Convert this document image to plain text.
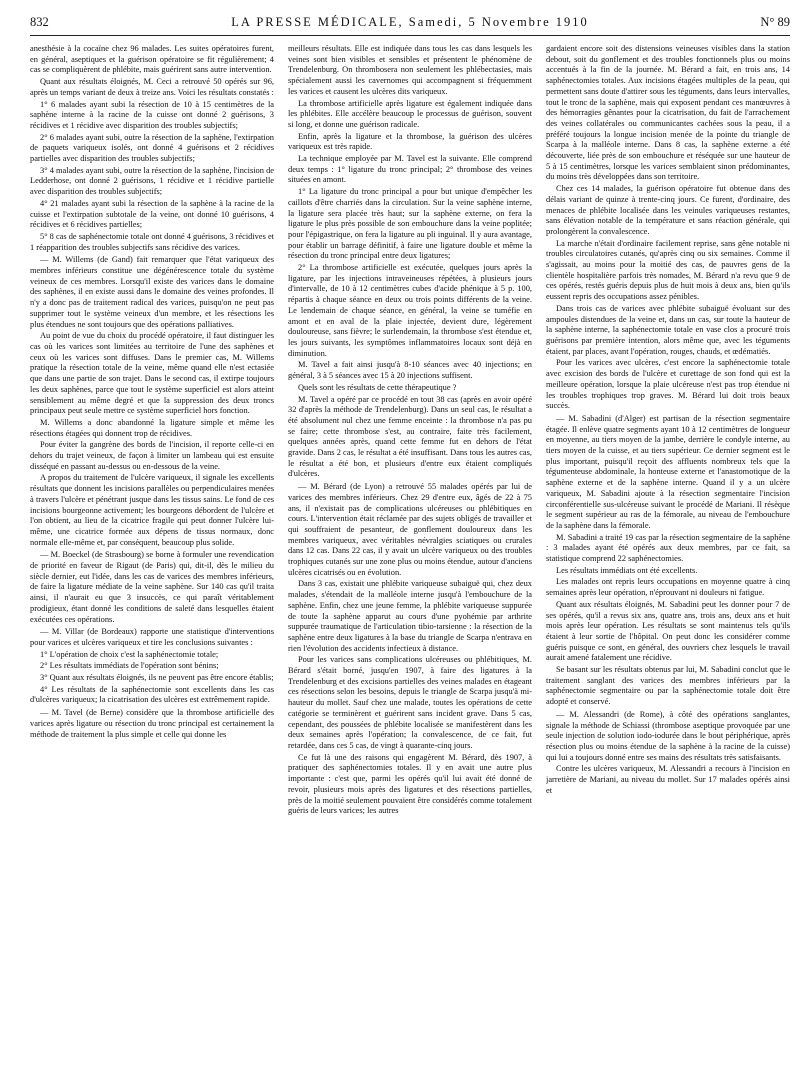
832	LA PRESSE MÉDICALE, Samedi, 5 Novembre 1910	N° 89

anesthésie à la cocaïne chez 96 malades. Les suites opératoires furent, en général, aseptiques et la guérison opératoire se fit régulièrement; 4 cas se compliquèrent de phlébite, mais guérirent sans autre intervention.

Quant aux résultats éloignés, M. Ceci a retrouvé 50 opérés sur 96, après un temps variant de deux à treize ans. Voici les résultats constatés :

1° 6 malades ayant subi la résection de 10 à 15 centimètres de la saphène interne à la racine de la cuisse ont donné 2 guérisons, 3 récidives et 1 récidive avec disparition des troubles subjectifs;

2° 6 malades ayant subi, outre la résection de la saphène, l'extirpation de paquets variqueux isolés, ont donné 4 guérisons et 2 récidives partielles avec disparition des troubles subjectifs;

3° 4 malades ayant subi, outre la résection de la saphène, l'incision de Ledderhose, ont donné 2 guérisons, 1 récidive et 1 récidive partielle avec disparition des troubles subjectifs;

4° 21 malades ayant subi la résection de la saphène à la racine de la cuisse et l'extirpation subtotale de la veine, ont donné 10 guérisons, 4 récidives et 6 récidives partielles;

5° 8 cas de saphénectomie totale ont donné 4 guérisons, 3 récidives et 1 réapparition des troubles subjectifs sans récidive des varices.

— M. Willems (de Gand) fait remarquer que l'état variqueux des membres inférieurs constitue une dégénérescence totale du système veineux de ces membres. Lorsqu'il existe des varices dans le domaine des saphènes, il en existe aussi dans le domaine des veines profondes. Il n'y a donc pas de traitement radical des varices, puisqu'on ne peut pas supprimer tout le système veineux d'un membre, et les résections les plus étendues ne sont toujours que des opérations palliatives.

Au point de vue du choix du procédé opératoire, il faut distinguer les cas où les varices sont limitées au territoire de l'une des saphènes et ceux où les varices sont diffuses. Dans le premier cas, M. Willems pratique la résection totale de la veine, même quand elle n'est ectasiée que dans une partie de son trajet. Dans le second cas, il extirpe toujours les deux saphènes, parce que tout le système superficiel est alors atteint sensiblement au même degré et que la suppression des deux troncs principaux peut seule mettre ce système superficiel hors fonction.

M. Willems a donc abandonné la ligature simple et même les résections étagées qui donnent trop de récidives.

Pour éviter la gangrène des bords de l'incision, il reporte celle-ci en dehors du trajet veineux, de façon à limiter un lambeau qui est ensuite disséqué en passant au-dessus ou en-dessous de la veine.

A propos du traitement de l'ulcère variqueux, il signale les excellents résultats que donnent les incisions parallèles ou perpendiculaires menées à travers l'ulcère et pénétrant jusque dans les tissus sains. Le fond de ces incisions bourgeonne activement; les bourgeons débordent de l'ulcère et l'on obtient, au lieu de la cicatrice fragile qui peut donner l'ulcère lui-même, une cicatrice formée aux dépens de tissus normaux, donc normale elle-même et, par conséquent, beaucoup plus solide.

— M. Boeckel (de Strasbourg) se borne à formuler une revendication de priorité en faveur de Rigaut (de Paris) qui, dit-il, dès le milieu du siècle dernier, eut l'idée, dans les cas de varices des membres inférieurs, de faire la ligature médiate de la veine saphène. Sur 140 cas qu'il traita ainsi, il n'aurait eu que 3 insuccès, ce qui paraît véritablement prodigieux, étant donné les conditions de saleté dans lesquelles étaient exécutées ces opérations.

— M. Villar (de Bordeaux) rapporte une statistique d'interventions pour varices et ulcères variqueux et tire les conclusions suivantes :

1° L'opération de choix c'est la saphénectomie totale;

2° Les résultats immédiats de l'opération sont bénins;

3° Quant aux résultats éloignés, ils ne peuvent pas être encore établis;

4° Les résultats de la saphénectomie sont excellents dans les cas d'ulcères variqueux; la cicatrisation des ulcères est extrêmement rapide.

— M. Tavel (de Berne) considère que la thrombose artificielle des varices après ligature ou résection du tronc principal est certainement la méthode de traitement la plus simple et celle qui donne les

meilleurs résultats. Elle est indiquée dans tous les cas dans lesquels les veines sont bien visibles et sensibles et présentent le phénomène de Trendelenburg. On thrombosera non seulement les phlébectasies, mais spécialement aussi les cavernomes qui accompagnent si fréquemment les varices et causent les ulcères dits variqueux.

La thrombose artificielle après ligature est également indiquée dans les phlébites. Elle accélère beaucoup le processus de guérison, souvent si long, et donne une guérison radicale.

Enfin, après la ligature et la thrombose, la guérison des ulcères variqueux est très rapide.

La technique employée par M. Tavel est la suivante. Elle comprend deux temps : 1° ligature du tronc principal; 2° thrombose des veines situées en amont.

1° La ligature du tronc principal a pour but unique d'empêcher les caillots d'être charriés dans la circulation. Sur la veine saphène interne, la ligature sera placée très haut; sur la saphène externe, on fera la ligature le plus près possible de son embouchure dans la veine poplitée; pour l'épigastrique, on fera la ligature au pli inguinal. Il y aura avantage, pour établir un barrage définitif, à faire une ligature double et même la résection du tronc principal entre deux ligatures;

2° La thrombose artificielle est exécutée, quelques jours après la ligature, par les injections intraveineuses répétées, à plusieurs jours d'intervalle, de 10 à 12 centimètres cubes d'acide phénique à 5 p. 100, répartis à chaque séance en deux ou trois points différents de la veine. Le lendemain de chaque séance, en général, la veine se tuméfie en amont et en aval de la plaie injectée, devient dure, légèrement douloureuse, sans fièvre; le surlendemain, la thrombose s'est étendue et, les jours suivants, les symptômes inflammatoires locaux sont déjà en diminution.

M. Tavel a fait ainsi jusqu'à 8-10 séances avec 40 injections; en général, 3 à 5 séances avec 15 à 20 injections suffisent.

Quels sont les résultats de cette thérapeutique ?

M. Tavel a opéré par ce procédé en tout 38 cas (après en avoir opéré 32 d'après la méthode de Trendelenburg). Dans un seul cas, le résultat a été absolument nul chez une femme enceinte : la thrombose n'a pas pu se faire; cette thrombose s'est, au contraire, faite très facilement, quelques années après, quand cette femme fut en dehors de l'état gravide. Dans 2 cas, le résultat a été insuffisant. Dans tous les autres cas, le résultat a été bon, et plusieurs d'entre eux étaient compliqués d'ulcères.

— M. Bérard (de Lyon) a retrouvé 55 malades opérés par lui de varices des membres inférieurs. Chez 29 d'entre eux, âgés de 22 à 75 ans, il n'existait pas de complications ulcéreuses ou phlébitiques en cours. L'intervention était réclamée par des sujets obligés de travailler et qui souffraient de pesanteur, de gonflement douloureux dans les membres variqueux, avec véritables névralgies sciatiques ou crurales dans 12 cas. Dans 22 cas, il y avait un ulcère variqueux ou des troubles trophiques cutanés sur une zone plus ou moins étendue, autour d'anciens ulcères cicatrisés ou en évolution.

Dans 3 cas, existait une phlébite variqueuse subaiguë qui, chez deux malades, s'étendait de la malléole interne jusqu'à l'embouchure de la saphène. Enfin, chez une jeune femme, la phlébite variqueuse suppurée de toute la saphène apparut au cours d'une pyohémie par arthrite suppurée traumatique de l'articulation tibio-tarsienne : la résection de la saphène entre deux ligatures à la base du triangle de Scarpa n'entrava en rien l'évolution des accidents infectieux à distance.

Pour les varices sans complications ulcéreuses ou phlébitiques, M. Bérard s'était borné, jusqu'en 1907, à faire des ligatures à la Trendelenburg et des excisions partielles des veines malades en étageant ces résections selon les besoins, depuis le triangle de Scarpa jusqu'à mi-hauteur du mollet. Sauf chez une malade, toutes les opérations de cette catégorie se terminèrent et guérirent sans incident grave. Dans 5 cas, cependant, des poussées de phlébite localisée se manifestèrent dans les deux semaines après l'opération; la convalescence, de ce fait, fut retardée, dans ces 5 cas, de vingt à quarante-cinq jours.

Ce fut là une des raisons qui engagèrent M. Bérard, dès 1907, à pratiquer des saphénectomies totales. Il y en avait une autre plus importante : c'est que, parmi les opérés qu'il lui avait été donné de revoir, plusieurs mois après des ligatures et des résections partielles, près de la moitié seulement pouvaient être considérés comme totalement guéris de leurs varices; les autres

gardaient encore soit des distensions veineuses visibles dans la station debout, soit du gonflement et des troubles fonctionnels plus ou moins accentués à la fin de la journée. M. Bérard a fait, en trois ans, 14 saphénectomies totales. Aux incisions étagées multiples de la peau, qui permettent sans doute d'attirer sous les téguments, dans leurs intervalles, tout le tronc de la saphène, mais qui exposent pendant ces manœuvres à des hémorragies gênantes pour la cicatrisation, du fait de l'arrachement des veines collatérales ou communicantes cachées sous la peau, il a préféré toujours la longue incision menée de la pointe du triangle de Scarpa à la malléole interne. Dans 8 cas, la saphène externe a été découverte, liée près de son embouchure et réséquée sur une hauteur de 5 à 15 centimètres, lorsque les varices semblaient sinon prédominantes, du moins très développées dans son territoire.

Chez ces 14 malades, la guérison opératoire fut obtenue dans des délais variant de quinze à trente-cinq jours. Ce furent, d'ordinaire, des menaces de phlébite localisée dans les veinules variqueuses restantes, sans élévation notable de la température et sans réaction générale, qui prolongèrent la convalescence.

La marche n'était d'ordinaire facilement reprise, sans gêne notable ni troubles circulatoires cutanés, qu'après cinq ou six semaines. Comme il s'agissait, au moins pour la moitié des cas, de pauvres gens de la clientèle hospitalière parfois très nomades, M. Bérard n'a revu que 9 de ces opérés, restés guéris depuis plus de huit mois à deux ans, bien qu'ils eussent repris des occupations assez pénibles.

Dans trois cas de varices avec phlébite subaiguë évoluant sur des ampoules distendues de la veine et, dans un cas, sur toute la hauteur de la saphène interne, la saphénectomie totale en vase clos a procuré trois guérisons par première intention, alors même que, avec les téguments étaient, par places, avant l'opération, rouges, chauds, et œdématiés.

Pour les varices avec ulcères, c'est encore la saphénectomie totale avec excision des bords de l'ulcère et curettage de son fond qui est la meilleure opération, lorsque la plaie ulcéreuse n'est pas trop étendue ni les troubles trophiques trop graves. M. Bérard lui doit trois beaux succès.

— M. Sabadini (d'Alger) est partisan de la résection segmentaire étagée. Il enlève quatre segments ayant 10 à 12 centimètres de longueur en moyenne, au tiers moyen de la jambe, derrière le condyle interne, au tiers moyen de la cuisse, et au tiers supérieur. Ce dernier segment est le plus important, puisqu'il reçoit des affluents nombreux tels que la tégumenteuse abdominale, la honteuse externe et l'anastomotique de la saphène externe et de la saphène interne. Quand il y a un ulcère variqueux, M. Sabadini ajoute à la résection segmentaire l'incision circonférentielle sus-ulcéreuse suivant le procédé de Mariani. Il résèque le segment supérieur au ras de la fémorale, au niveau de l'embouchure de la saphène dans la fémorale.

M. Sabadini a traité 19 cas par la résection segmentaire de la saphène : 3 malades ayant été opérés aux deux membres, par ce fait, sa statistique comprend 22 saphénectomies.

Les résultats immédiats ont été excellents.

Les malades ont repris leurs occupations en moyenne quatre à cinq semaines après leur opération, n'éprouvant ni douleurs ni fatigue.

Quant aux résultats éloignés, M. Sabadini peut les donner pour 7 de ses opérés, qu'il a revus six ans, quatre ans, trois ans, deux ans et huit mois après leur opération. Les résultats se sont maintenus tels qu'ils étaient à leur sortie de l'hôpital. On peut donc les considérer comme guéris puisque ce sont, en général, des ouvriers chez lesquels le travail aurait amené fatalement une récidive.

Se basant sur les résultats obtenus par lui, M. Sabadini conclut que le traitement sanglant des varices des membres inférieurs par la saphénectomie segmentaire ou par la saphénectomie totale doit être adopté et conservé.

— M. Alessandri (de Rome), à côté des opérations sanglantes, signale la méthode de Schiassi (thrombose aseptique provoquée par une seule injection de solution iodo-iodurée dans le bout périphérique, après résection plus ou moins étendue de la saphène à la racine de la cuisse) qui lui a toujours donné entre ses mains des résultats très satisfaisants.

Contre les ulcères variqueux, M. Alessandri a recours à l'incision en jarretière de Mariani, au niveau du mollet. Sur 17 malades opérés ainsi et
